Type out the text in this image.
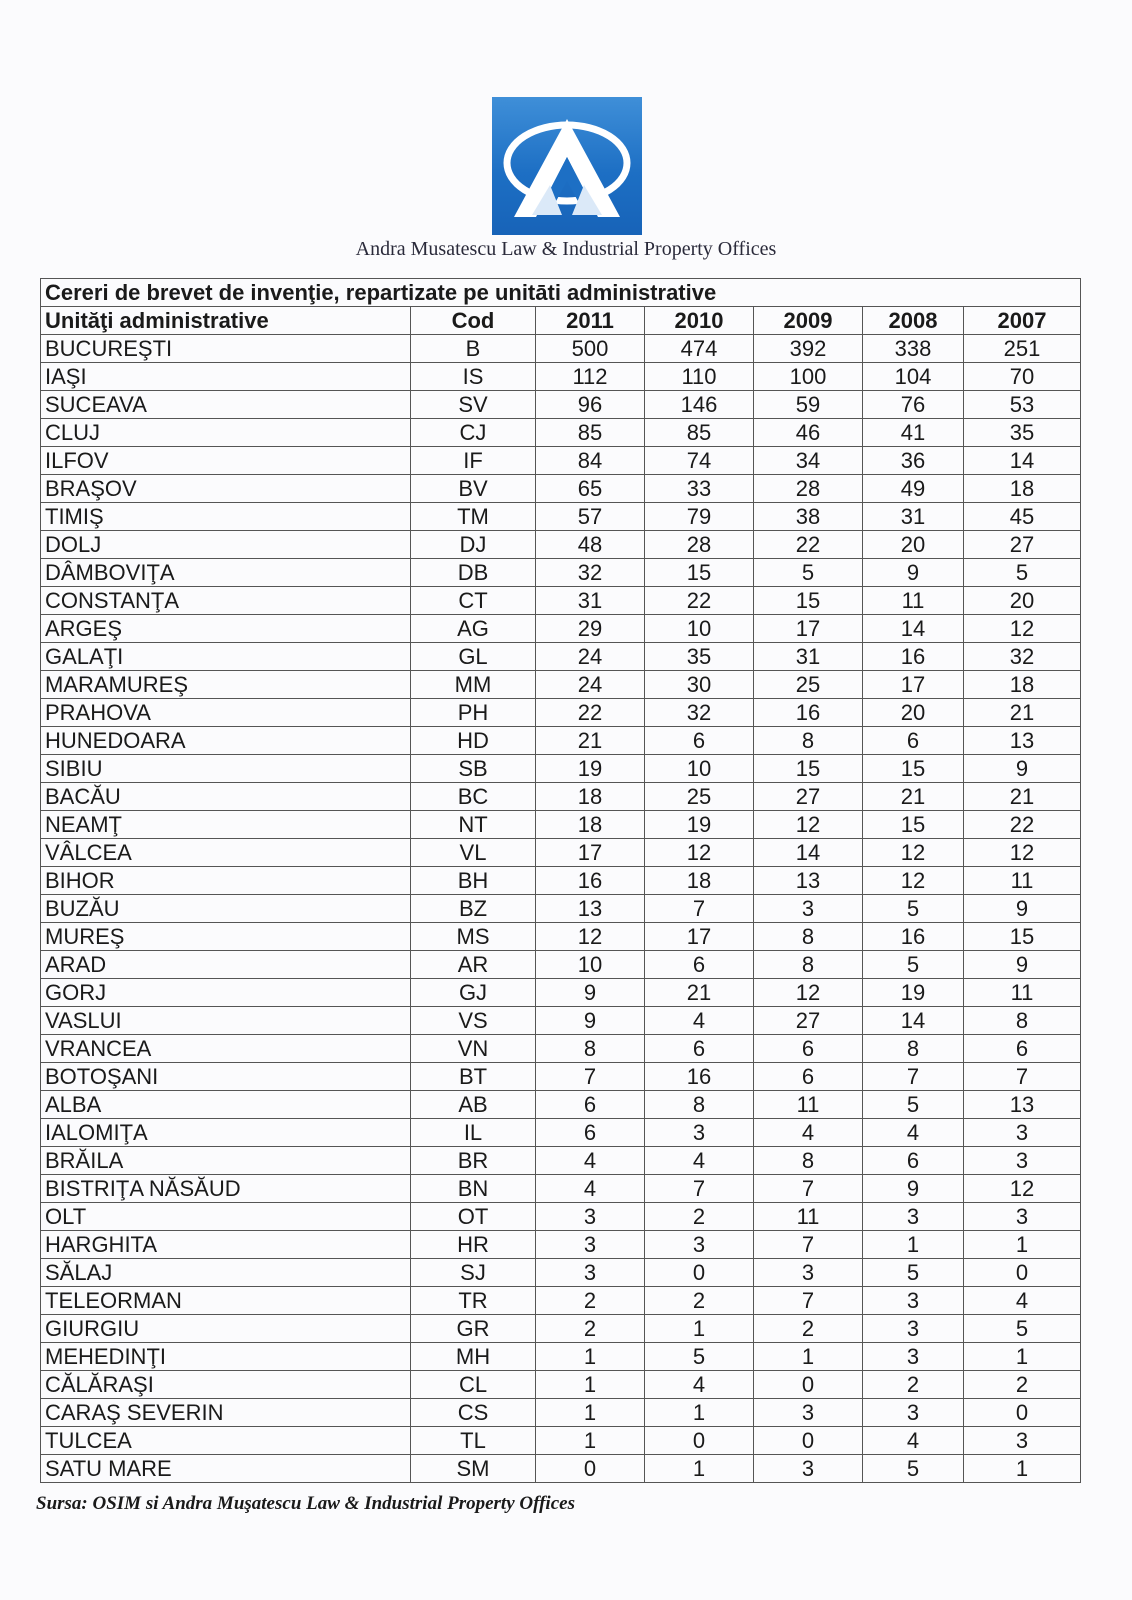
Andra Musatescu Law & Industrial Property Offices
Cereri de brevet de invenţie, repartizate pe unitāti administrative						
Unităţi administrative	Cod	2011	2010	2009	2008	2007
BUCUREŞTI	B	500	474	392	338	251
IAŞI	IS	112	110	100	104	70
SUCEAVA	SV	96	146	59	76	53
CLUJ	CJ	85	85	46	41	35
ILFOV	IF	84	74	34	36	14
BRAŞOV	BV	65	33	28	49	18
TIMIŞ	TM	57	79	38	31	45
DOLJ	DJ	48	28	22	20	27
DÂMBOVIŢA	DB	32	15	5	9	5
CONSTANŢA	CT	31	22	15	11	20
ARGEŞ	AG	29	10	17	14	12
GALAŢI	GL	24	35	31	16	32
MARAMUREŞ	MM	24	30	25	17	18
PRAHOVA	PH	22	32	16	20	21
HUNEDOARA	HD	21	6	8	6	13
SIBIU	SB	19	10	15	15	9
BACĂU	BC	18	25	27	21	21
NEAMŢ	NT	18	19	12	15	22
VÂLCEA	VL	17	12	14	12	12
BIHOR	BH	16	18	13	12	11
BUZĂU	BZ	13	7	3	5	9
MUREŞ	MS	12	17	8	16	15
ARAD	AR	10	6	8	5	9
GORJ	GJ	9	21	12	19	11
VASLUI	VS	9	4	27	14	8
VRANCEA	VN	8	6	6	8	6
BOTOŞANI	BT	7	16	6	7	7
ALBA	AB	6	8	11	5	13
IALOMIŢA	IL	6	3	4	4	3
BRĂILA	BR	4	4	8	6	3
BISTRIŢA NĂSĂUD	BN	4	7	7	9	12
OLT	OT	3	2	11	3	3
HARGHITA	HR	3	3	7	1	1
SĂLAJ	SJ	3	0	3	5	0
TELEORMAN	TR	2	2	7	3	4
GIURGIU	GR	2	1	2	3	5
MEHEDINŢI	MH	1	5	1	3	1
CĂLĂRAŞI	CL	1	4	0	2	2
CARAŞ SEVERIN	CS	1	1	3	3	0
TULCEA	TL	1	0	0	4	3
SATU MARE	SM	0	1	3	5	1
Sursa: OSIM si Andra Muşatescu Law & Industrial Property Offices
